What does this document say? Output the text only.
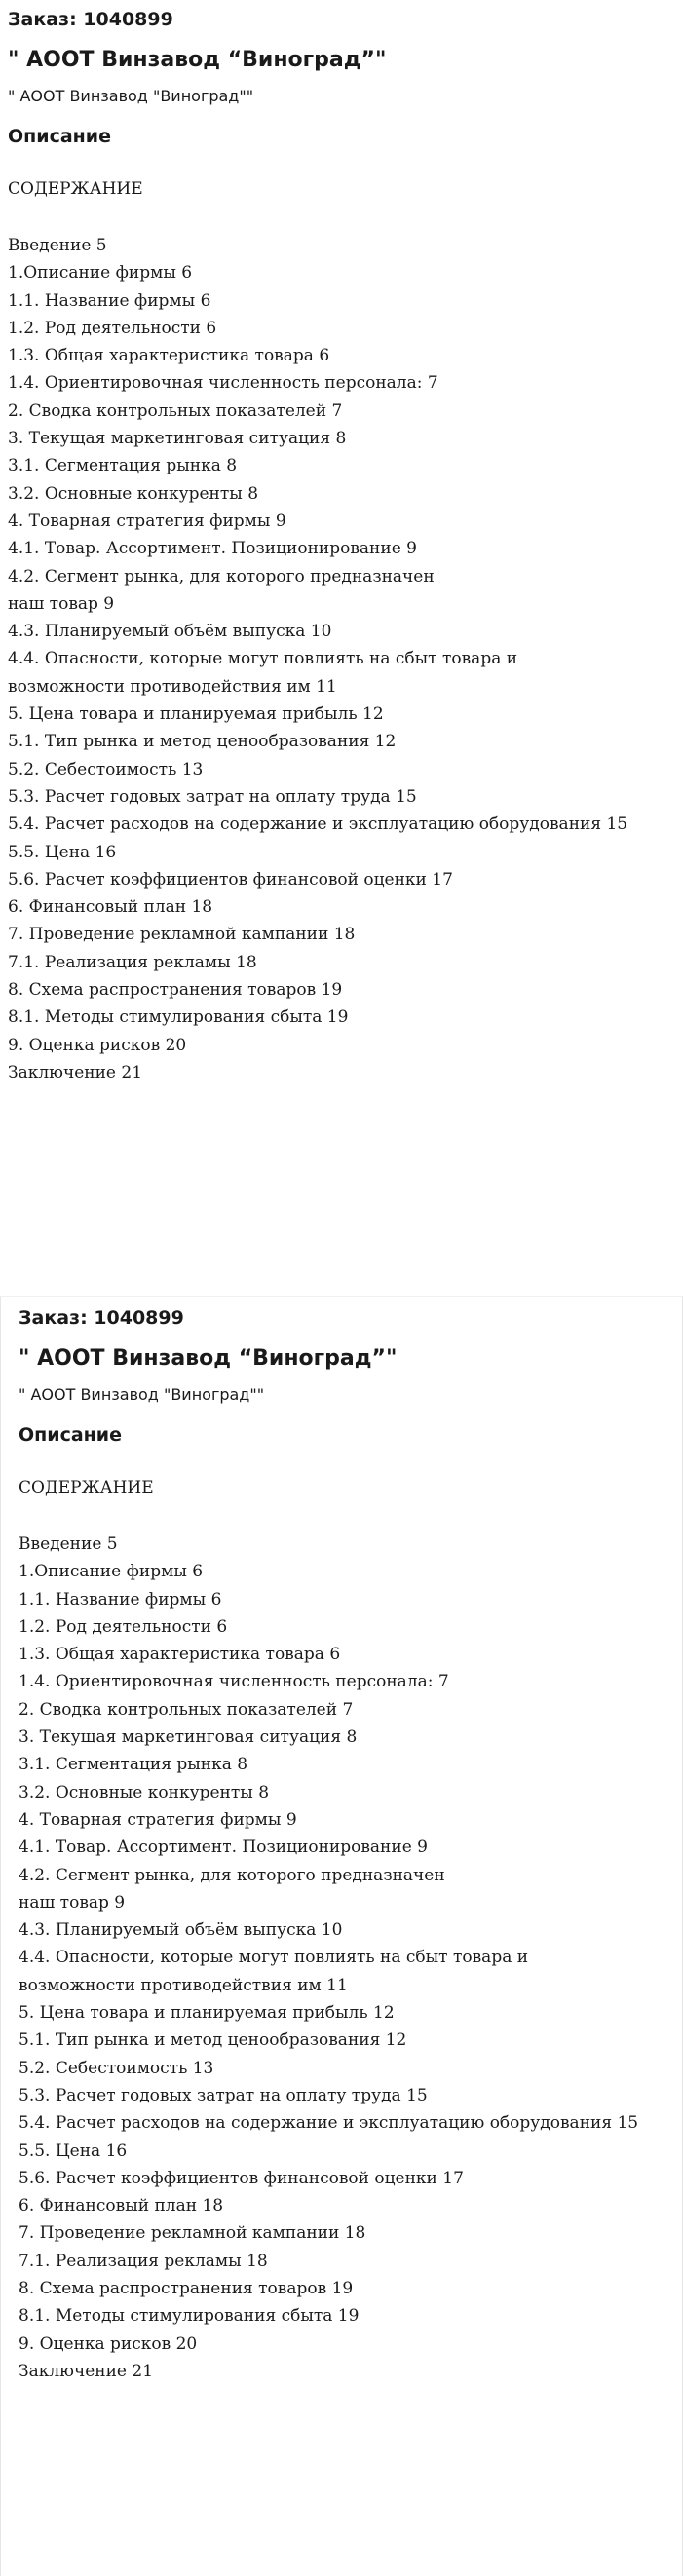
Заказ: 1040899
" АООТ Винзавод “Виноград”"
" АООТ Винзавод "Виноград""
Описание
СОДЕРЖАНИЕ
Введение 5
1.Описание фирмы 6
1.1. Название фирмы 6
1.2. Род деятельности 6
1.3. Общая характеристика товара 6
1.4. Ориентировочная численность персонала: 7
2. Сводка контрольных показателей 7
3. Текущая маркетинговая ситуация 8
3.1. Сегментация рынка 8
3.2. Основные конкуренты 8
4. Товарная стратегия фирмы 9
4.1. Товар. Ассортимент. Позиционирование 9
4.2. Сегмент рынка, для которого предназначен
наш товар 9
4.3. Планируемый объём выпуска 10
4.4. Опасности, которые могут повлиять на сбыт товара и
возможности противодействия им 11
5. Цена товара и планируемая прибыль 12
5.1. Тип рынка и метод ценообразования 12
5.2. Себестоимость 13
5.3. Расчет годовых затрат на оплату труда 15
5.4. Расчет расходов на содержание и эксплуатацию оборудования 15
5.5. Цена 16
5.6. Расчет коэффициентов финансовой оценки 17
6. Финансовый план 18
7. Проведение рекламной кампании 18
7.1. Реализация рекламы 18
8. Схема распространения товаров 19
8.1. Методы стимулирования сбыта 19
9. Оценка рисков 20
Заключение 21
Заказ: 1040899
" АООТ Винзавод “Виноград”"
" АООТ Винзавод "Виноград""
Описание
СОДЕРЖАНИЕ
Введение 5
1.Описание фирмы 6
1.1. Название фирмы 6
1.2. Род деятельности 6
1.3. Общая характеристика товара 6
1.4. Ориентировочная численность персонала: 7
2. Сводка контрольных показателей 7
3. Текущая маркетинговая ситуация 8
3.1. Сегментация рынка 8
3.2. Основные конкуренты 8
4. Товарная стратегия фирмы 9
4.1. Товар. Ассортимент. Позиционирование 9
4.2. Сегмент рынка, для которого предназначен
наш товар 9
4.3. Планируемый объём выпуска 10
4.4. Опасности, которые могут повлиять на сбыт товара и
возможности противодействия им 11
5. Цена товара и планируемая прибыль 12
5.1. Тип рынка и метод ценообразования 12
5.2. Себестоимость 13
5.3. Расчет годовых затрат на оплату труда 15
5.4. Расчет расходов на содержание и эксплуатацию оборудования 15
5.5. Цена 16
5.6. Расчет коэффициентов финансовой оценки 17
6. Финансовый план 18
7. Проведение рекламной кампании 18
7.1. Реализация рекламы 18
8. Схема распространения товаров 19
8.1. Методы стимулирования сбыта 19
9. Оценка рисков 20
Заключение 21
